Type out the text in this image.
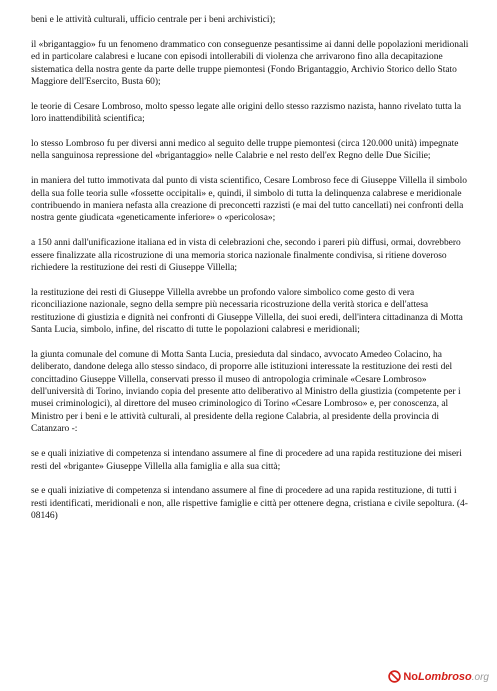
beni e le attività culturali, ufficio centrale per i beni archivistici);

il «brigantaggio» fu un fenomeno drammatico con conseguenze pesantissime ai danni delle popolazioni meridionali ed in particolare calabresi e lucane con episodi intollerabili di violenza che arrivarono fino alla decapitazione sistematica della nostra gente da parte delle truppe piemontesi (Fondo Brigantaggio, Archivio Storico dello Stato Maggiore dell'Esercito, Busta 60);

le teorie di Cesare Lombroso, molto spesso legate alle origini dello stesso razzismo nazista, hanno rivelato tutta la loro inattendibilità scientifica;

lo stesso Lombroso fu per diversi anni medico al seguito delle truppe piemontesi (circa 120.000 unità) impegnate nella sanguinosa repressione del «brigantaggio» nelle Calabrie e nel resto dell'ex Regno delle Due Sicilie;

in maniera del tutto immotivata dal punto di vista scientifico, Cesare Lombroso fece di Giuseppe Villella il simbolo della sua folle teoria sulle «fossette occipitali» e, quindi, il simbolo di tutta la delinquenza calabrese e meridionale contribuendo in maniera nefasta alla creazione di preconcetti razzisti (e mai del tutto cancellati) nei confronti della nostra gente giudicata «geneticamente inferiore» o «pericolosa»;

a 150 anni dall'unificazione italiana ed in vista di celebrazioni che, secondo i pareri più diffusi, ormai, dovrebbero essere finalizzate alla ricostruzione di una memoria storica nazionale finalmente condivisa, si ritiene doveroso richiedere la restituzione dei resti di Giuseppe Villella;

la restituzione dei resti di Giuseppe Villella avrebbe un profondo valore simbolico come gesto di vera riconciliazione nazionale, segno della sempre più necessaria ricostruzione della verità storica e dell'attesa restituzione di giustizia e dignità nei confronti di Giuseppe Villella, dei suoi eredi, dell'intera cittadinanza di Motta Santa Lucia, simbolo, infine, del riscatto di tutte le popolazioni calabresi e meridionali;

la giunta comunale del comune di Motta Santa Lucia, presieduta dal sindaco, avvocato Amedeo Colacino, ha deliberato, dandone delega allo stesso sindaco, di proporre alle istituzioni interessate la restituzione dei resti del concittadino Giuseppe Villella, conservati presso il museo di antropologia criminale «Cesare Lombroso» dell'università di Torino, inviando copia del presente atto deliberativo al Ministro della giustizia (competente per i musei criminologici), al direttore del museo criminologico di Torino «Cesare Lombroso» e, per conoscenza, al Ministro per i beni e le attività culturali, al presidente della regione Calabria, al presidente della provincia di Catanzaro -:

se e quali iniziative di competenza si intendano assumere al fine di procedere ad una rapida restituzione dei miseri resti del «brigante» Giuseppe Villella alla famiglia e alla sua città;

se e quali iniziative di competenza si intendano assumere al fine di procedere ad una rapida restituzione, di tutti i resti identificati, meridionali e non, alle rispettive famiglie e città per ottenere degna, cristiana e civile sepoltura. (4-08146)

NoLombroso.org
